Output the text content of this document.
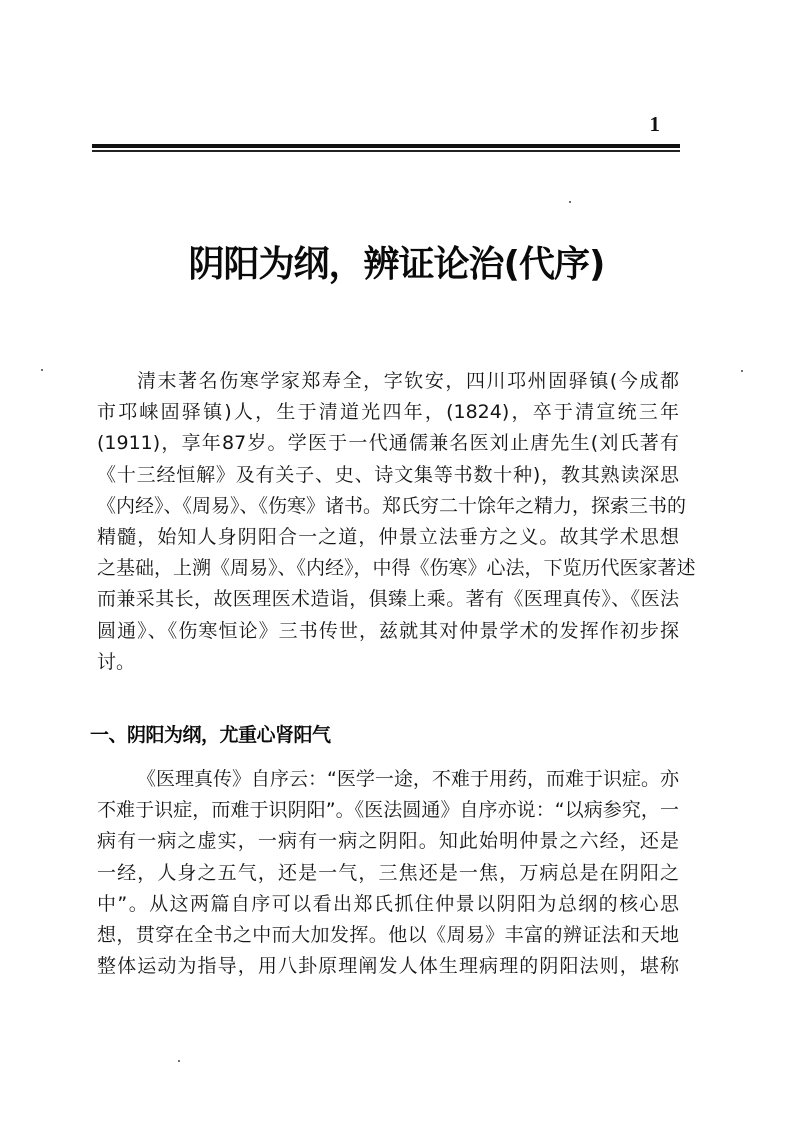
1
阴阳为纲，辨证论治(代序)
清末著名伤寒学家郑寿全，字钦安，四川邛州固驿镇(今成都
市邛崃固驿镇)人，生于清道光四年，(1824)，卒于清宣统三年
(1911)，享年87岁。学医于一代通儒兼名医刘止唐先生(刘氏著有
《十三经恒解》及有关子、史、诗文集等书数十种)，教其熟读深思
《内经》、《周易》、《伤寒》诸书。郑氏穷二十馀年之精力，探索三书的
精髓，始知人身阴阳合一之道，仲景立法垂方之义。故其学术思想
之基础，上溯《周易》、《内经》，中得《伤寒》心法，下览历代医家著述
而兼采其长，故医理医术造诣，俱臻上乘。著有《医理真传》、《医法
圆通》、《伤寒恒论》三书传世，兹就其对仲景学术的发挥作初步探
讨。
一、阴阳为纲，尤重心肾阳气
《医理真传》自序云：“医学一途，不难于用药，而难于识症。亦
不难于识症，而难于识阴阳”。《医法圆通》自序亦说：“以病参究，一
病有一病之虚实，一病有一病之阴阳。知此始明仲景之六经，还是
一经，人身之五气，还是一气，三焦还是一焦，万病总是在阴阳之
中”。从这两篇自序可以看出郑氏抓住仲景以阴阳为总纲的核心思
想，贯穿在全书之中而大加发挥。他以《周易》丰富的辨证法和天地
整体运动为指导，用八卦原理阐发人体生理病理的阴阳法则，堪称
